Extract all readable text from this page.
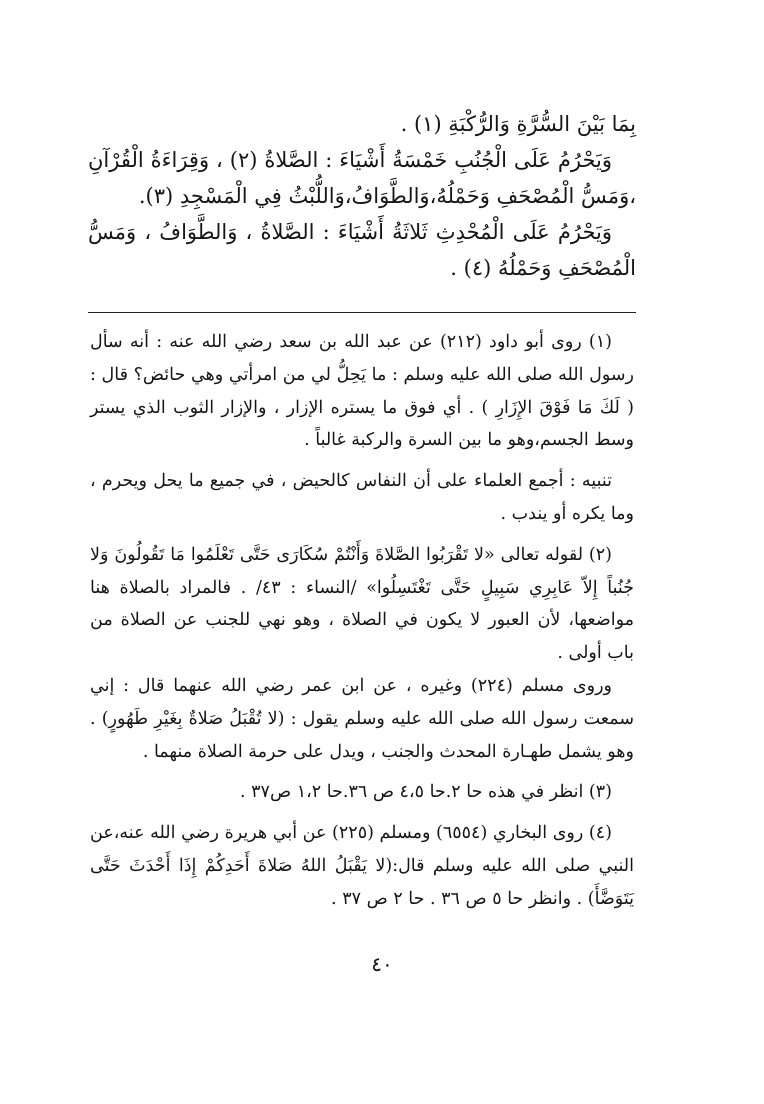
بِمَا بَيْنَ السُّرَّةِ وَالرُّكْبَةِ (١) .

وَيَحْرُمُ عَلَى الْجُنُبِ خَمْسَةُ أَشْيَاءَ : الصَّلاةُ (٢) ، وَقِرَاءَةُ الْقُرْآنِ ،وَمَسُّ الْمُصْحَفِ وَحَمْلُهُ،وَالطَّوَافُ،وَاللُّبْثُ فِي الْمَسْجِدِ (٣).

وَيَحْرُمُ عَلَى الْمُحْدِثِ ثَلاثَةُ أَشْيَاءَ : الصَّلاةُ ، وَالطَّوَافُ ، وَمَسُّ الْمُصْحَفِ وَحَمْلُهُ (٤) .

(١) روى أبو داود (٢١٢) عن عبد الله بن سعد رضي الله عنه : أنه سأل رسول الله صلى الله عليه وسلم : ما يَحِلُّ لي من امرأتي وهي حائض؟ قال : ( لَكَ مَا فَوْقَ الإِزَارِ ) . أي فوق ما يستره الإزار ، والإزار الثوب الذي يستر وسط الجسم،وهو ما بين السرة والركبة غالباً .

تنبيه : أجمع العلماء على أن النفاس كالحيض ، في جميع ما يحل ويحرم ، وما يكره أو يندب .

(٢) لقوله تعالى «لا تَقْرَبُوا الصَّلاةَ وَأَنْتُمْ سُكَارَى حَتَّى تَعْلَمُوا مَا تَقُولُونَ وَلا جُنُباً إِلاّ عَابِرِي سَبِيلٍ حَتَّى تَغْتَسِلُوا» /النساء : ٤٣/ . فالمراد بالصلاة هنا مواضعها، لأن العبور لا يكون في الصلاة ، وهو نهي للجنب عن الصلاة من باب أولى .

وروى مسلم (٢٢٤) وغيره ، عن ابن عمر رضي الله عنهما قال : إني سمعت رسول الله صلى الله عليه وسلم يقول : (لا تُقْبَلُ صَلاةٌ بِغَيْرِ طَهُورٍ) . وهو يشمل طهـارة المحدث والجنب ، ويدل على حرمة الصلاة منهما .

(٣) انظر في هذه حا ٢.حا ٤،٥ ص ٣٦.حا ١،٢ ص٣٧ .

(٤) روى البخاري (٦٥٥٤) ومسلم (٢٢٥) عن أبي هريرة رضي الله عنه،عن النبي صلى الله عليه وسلم قال:(لا يَقْبَلُ اللهُ صَلاةَ أَحَدِكُمْ إِذَا أَحْدَثَ حَتَّى يَتَوَضَّأَ) . وانظر حا ٥ ص ٣٦ . حا ٢ ص ٣٧ .

٤٠
